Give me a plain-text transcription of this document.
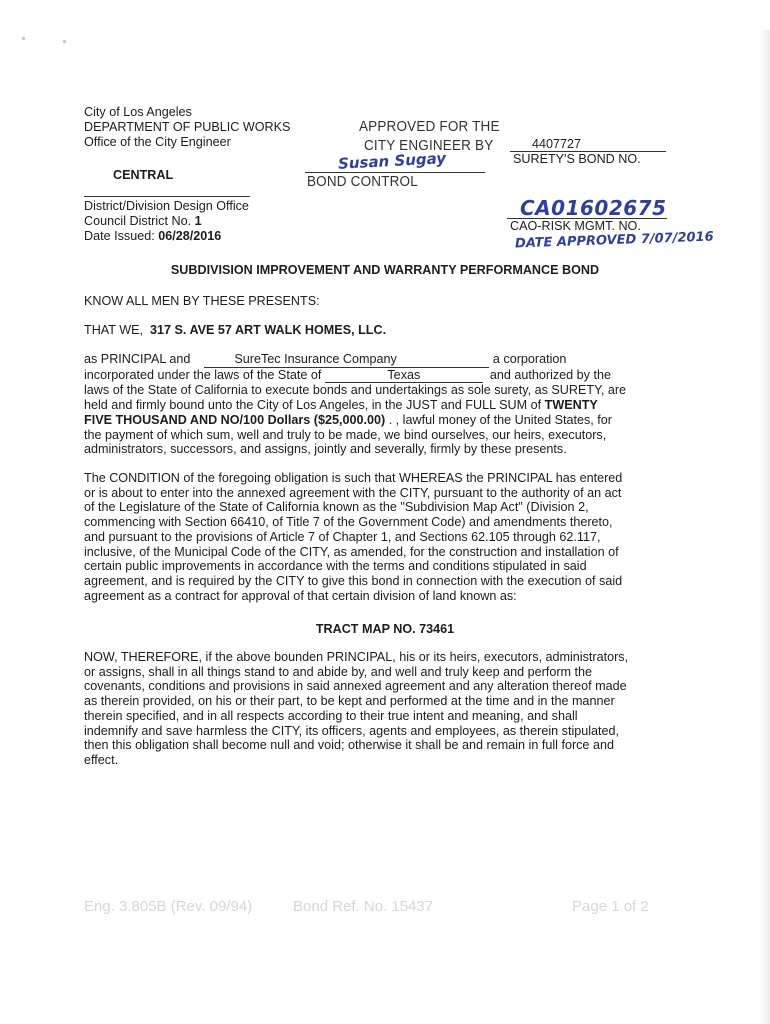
City of Los Angeles
DEPARTMENT OF PUBLIC WORKS
Office of the City Engineer
CENTRAL
District/Division Design Office
Council District No. 1
Date Issued: 06/28/2016
APPROVED FOR THE
CITY ENGINEER BY
Susan Sugay
BOND CONTROL
4407727
SURETY'S BOND NO.
CA01602675
CAO-RISK MGMT. NO.
DATE APPROVED 7/07/2016
SUBDIVISION IMPROVEMENT AND WARRANTY PERFORMANCE BOND
KNOW ALL MEN BY THESE PRESENTS:
THAT WE, 317 S. AVE 57 ART WALK HOMES, LLC.

as PRINCIPAL and	SureTec Insurance Company	a corporation

incorporated under the laws of the State of	Texas	and authorized by the

laws of the State of California to execute bonds and undertakings as sole surety, as SURETY, are

held and firmly bound unto the City of Los Angeles, in the JUST and FULL SUM of TWENTY

FIVE THOUSAND AND NO/100 Dollars ($25,000.00) . , lawful money of the United States, for

the payment of which sum, well and truly to be made, we bind ourselves, our heirs, executors,

administrators, successors, and assigns, jointly and severally, firmly by these presents.

The CONDITION of the foregoing obligation is such that WHEREAS the PRINCIPAL has entered

or is about to enter into the annexed agreement with the CITY, pursuant to the authority of an act

of the Legislature of the State of California known as the "Subdivision Map Act" (Division 2,

commencing with Section 66410, of Title 7 of the Government Code) and amendments thereto,

and pursuant to the provisions of Article 7 of Chapter 1, and Sections 62.105 through 62.117,

inclusive, of the Municipal Code of the CITY, as amended, for the construction and installation of

certain public improvements in accordance with the terms and conditions stipulated in said

agreement, and is required by the CITY to give this bond in connection with the execution of said

agreement as a contract for approval of that certain division of land known as:

TRACT MAP NO. 73461

NOW, THEREFORE, if the above bounden PRINCIPAL, his or its heirs, executors, administrators,

or assigns, shall in all things stand to and abide by, and well and truly keep and perform the

covenants, conditions and provisions in said annexed agreement and any alteration thereof made

as therein provided, on his or their part, to be kept and performed at the time and in the manner

therein specified, and in all respects according to their true intent and meaning, and shall

indemnify and save harmless the CITY, its officers, agents and employees, as therein stipulated,

then this obligation shall become null and void; otherwise it shall be and remain in full force and

effect.

Eng. 3.805B (Rev. 09/94)	Bond Ref. No. 15437	Page 1 of 2
